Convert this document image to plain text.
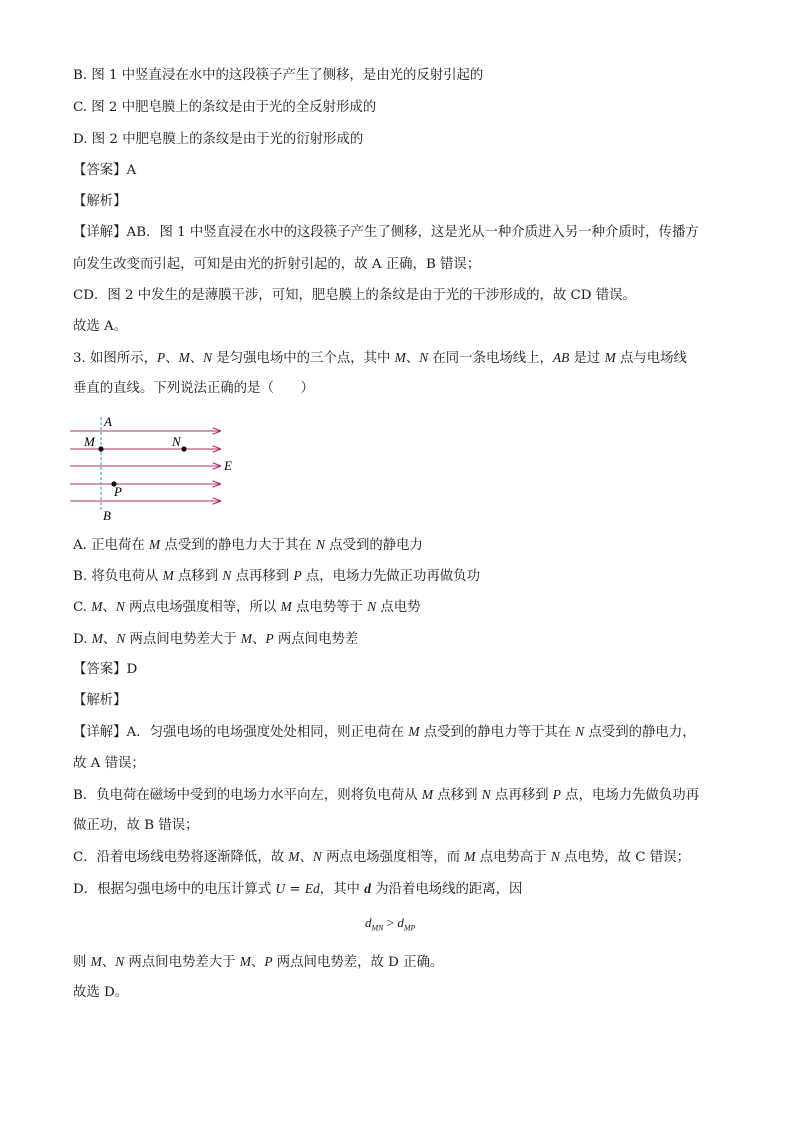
B. 图 1 中竖直浸在水中的这段筷子产生了侧移，是由光的反射引起的
C. 图 2 中肥皂膜上的条纹是由于光的全反射形成的
D. 图 2 中肥皂膜上的条纹是由于光的衍射形成的
【答案】A
【解析】
【详解】AB．图 1 中竖直浸在水中的这段筷子产生了侧移，这是光从一种介质进入另一种介质时，传播方
向发生改变而引起，可知是由光的折射引起的，故 A 正确，B 错误；
CD．图 2 中发生的是薄膜干涉，可知，肥皂膜上的条纹是由于光的干涉形成的，故 CD 错误。
故选 A。
3. 如图所示，P、M、N 是匀强电场中的三个点，其中 M、N 在同一条电场线上，AB 是过 M 点与电场线
垂直的直线。下列说法正确的是（　　）
A
M	N
E
P
B
A. 正电荷在 M 点受到的静电力大于其在 N 点受到的静电力
B. 将负电荷从 M 点移到 N 点再移到 P 点，电场力先做正功再做负功
C. M、N 两点电场强度相等，所以 M 点电势等于 N 点电势
D. M、N 两点间电势差大于 M、P 两点间电势差
【答案】D
【解析】
【详解】A．匀强电场的电场强度处处相同，则正电荷在 M 点受到的静电力等于其在 N 点受到的静电力，
故 A 错误；
B．负电荷在磁场中受到的电场力水平向左，则将负电荷从 M 点移到 N 点再移到 P 点，电场力先做负功再
做正功，故 B 错误；
C．沿着电场线电势将逐渐降低，故 M、N 两点电场强度相等，而 M 点电势高于 N 点电势，故 C 错误；
D．根据匀强电场中的电压计算式 U = Ed，其中 d 为沿着电场线的距离，因
$d_{MN} > d_{MP}$
则 M、N 两点间电势差大于 M、P 两点间电势差，故 D 正确。
故选 D。
